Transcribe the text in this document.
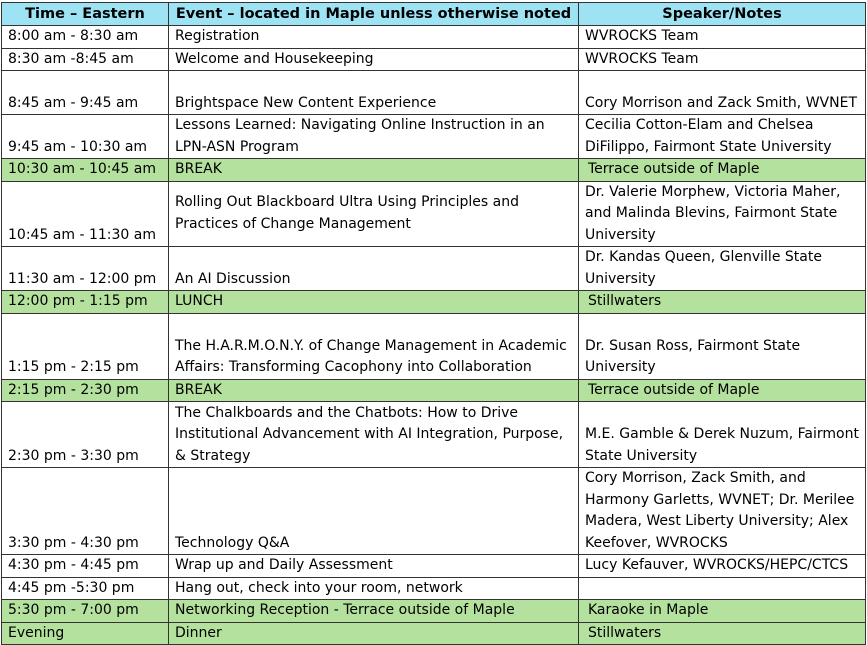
Time – Eastern	Event – located in Maple unless otherwise noted	Speaker/Notes
8:00 am - 8:30 am	Registration	WVROCKS Team
8:30 am -8:45 am	Welcome and Housekeeping	WVROCKS Team
8:45 am - 9:45 am	Brightspace New Content Experience	Cory Morrison and Zack Smith, WVNET
9:45 am - 10:30 am	Lessons Learned: Navigating Online Instruction in an LPN-ASN Program	Cecilia Cotton-Elam and Chelsea DiFilippo, Fairmont State University
10:30 am - 10:45 am	BREAK	Terrace outside of Maple
10:45 am - 11:30 am	Rolling Out Blackboard Ultra Using Principles and Practices of Change Management	Dr. Valerie Morphew, Victoria Maher, and Malinda Blevins, Fairmont State University
11:30 am - 12:00 pm	An AI Discussion	Dr. Kandas Queen, Glenville State University
12:00 pm - 1:15 pm	LUNCH	Stillwaters
1:15 pm - 2:15 pm	The H.A.R.M.O.N.Y. of Change Management in Academic Affairs: Transforming Cacophony into Collaboration	Dr. Susan Ross, Fairmont State University
2:15 pm - 2:30 pm	BREAK	Terrace outside of Maple
2:30 pm - 3:30 pm	The Chalkboards and the Chatbots: How to Drive Institutional Advancement with AI Integration, Purpose, & Strategy	M.E. Gamble & Derek Nuzum, Fairmont State University
3:30 pm - 4:30 pm	Technology Q&A	Cory Morrison, Zack Smith, and Harmony Garletts, WVNET; Dr. Merilee Madera, West Liberty University; Alex Keefover, WVROCKS
4:30 pm - 4:45 pm	Wrap up and Daily Assessment	Lucy Kefauver, WVROCKS/HEPC/CTCS
4:45 pm -5:30 pm	Hang out, check into your room, network	
5:30 pm - 7:00 pm	Networking Reception - Terrace outside of Maple	Karaoke in Maple
Evening	Dinner	Stillwaters
